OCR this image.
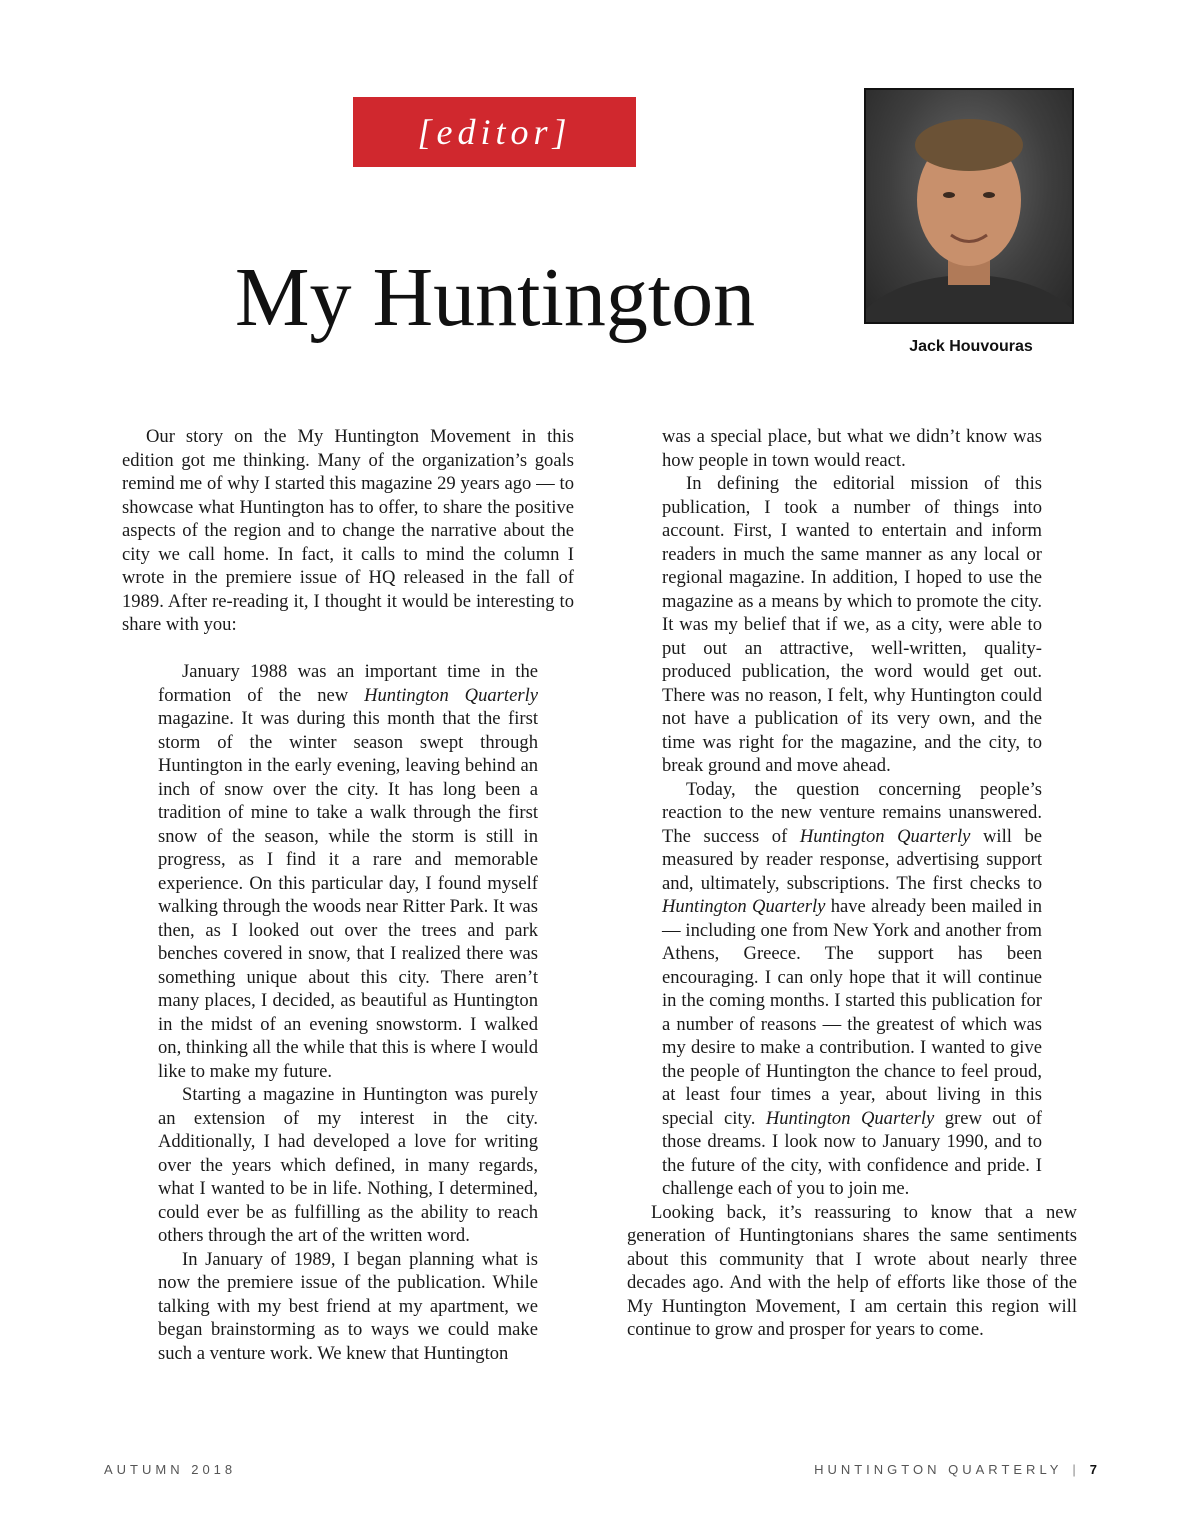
[editor]
My Huntington
Jack Houvouras

Our story on the My Huntington Movement in this edition got me thinking. Many of the organization’s goals remind me of why I started this magazine 29 years ago — to showcase what Huntington has to offer, to share the positive aspects of the region and to change the narrative about the city we call home. In fact, it calls to mind the column I wrote in the premiere issue of HQ released in the fall of 1989. After re-reading it, I thought it would be interesting to share with you:

January 1988 was an important time in the formation of the new Huntington Quarterly magazine. It was during this month that the first storm of the winter season swept through Huntington in the early evening, leaving behind an inch of snow over the city. It has long been a tradition of mine to take a walk through the first snow of the season, while the storm is still in progress, as I find it a rare and memorable experience. On this particular day, I found myself walking through the woods near Ritter Park. It was then, as I looked out over the trees and park benches covered in snow, that I realized there was something unique about this city. There aren’t many places, I decided, as beautiful as Huntington in the midst of an evening snowstorm. I walked on, thinking all the while that this is where I would like to make my future.

Starting a magazine in Huntington was purely an extension of my interest in the city. Additionally, I had developed a love for writing over the years which defined, in many regards, what I wanted to be in life. Nothing, I determined, could ever be as fulfilling as the ability to reach others through the art of the written word.

In January of 1989, I began planning what is now the premiere issue of the publication. While talking with my best friend at my apartment, we began brainstorming as to ways we could make such a venture work. We knew that Huntington

was a special place, but what we didn’t know was how people in town would react.

In defining the editorial mission of this publication, I took a number of things into account. First, I wanted to entertain and inform readers in much the same manner as any local or regional magazine. In addition, I hoped to use the magazine as a means by which to promote the city. It was my belief that if we, as a city, were able to put out an attractive, well-written, quality-produced publication, the word would get out. There was no reason, I felt, why Huntington could not have a publication of its very own, and the time was right for the magazine, and the city, to break ground and move ahead.

Today, the question concerning people’s reaction to the new venture remains unanswered. The success of Huntington Quarterly will be measured by reader response, advertising support and, ultimately, subscriptions. The first checks to Huntington Quarterly have already been mailed in — including one from New York and another from Athens, Greece. The support has been encouraging. I can only hope that it will continue in the coming months. I started this publication for a number of reasons — the greatest of which was my desire to make a contribution. I wanted to give the people of Huntington the chance to feel proud, at least four times a year, about living in this special city. Huntington Quarterly grew out of those dreams. I look now to January 1990, and to the future of the city, with confidence and pride. I challenge each of you to join me.

Looking back, it’s reassuring to know that a new generation of Huntingtonians shares the same sentiments about this community that I wrote about nearly three decades ago. And with the help of efforts like those of the My Huntington Movement, I am certain this region will continue to grow and prosper for years to come.

AUTUMN 2018	HUNTINGTON QUARTERLY | 7
